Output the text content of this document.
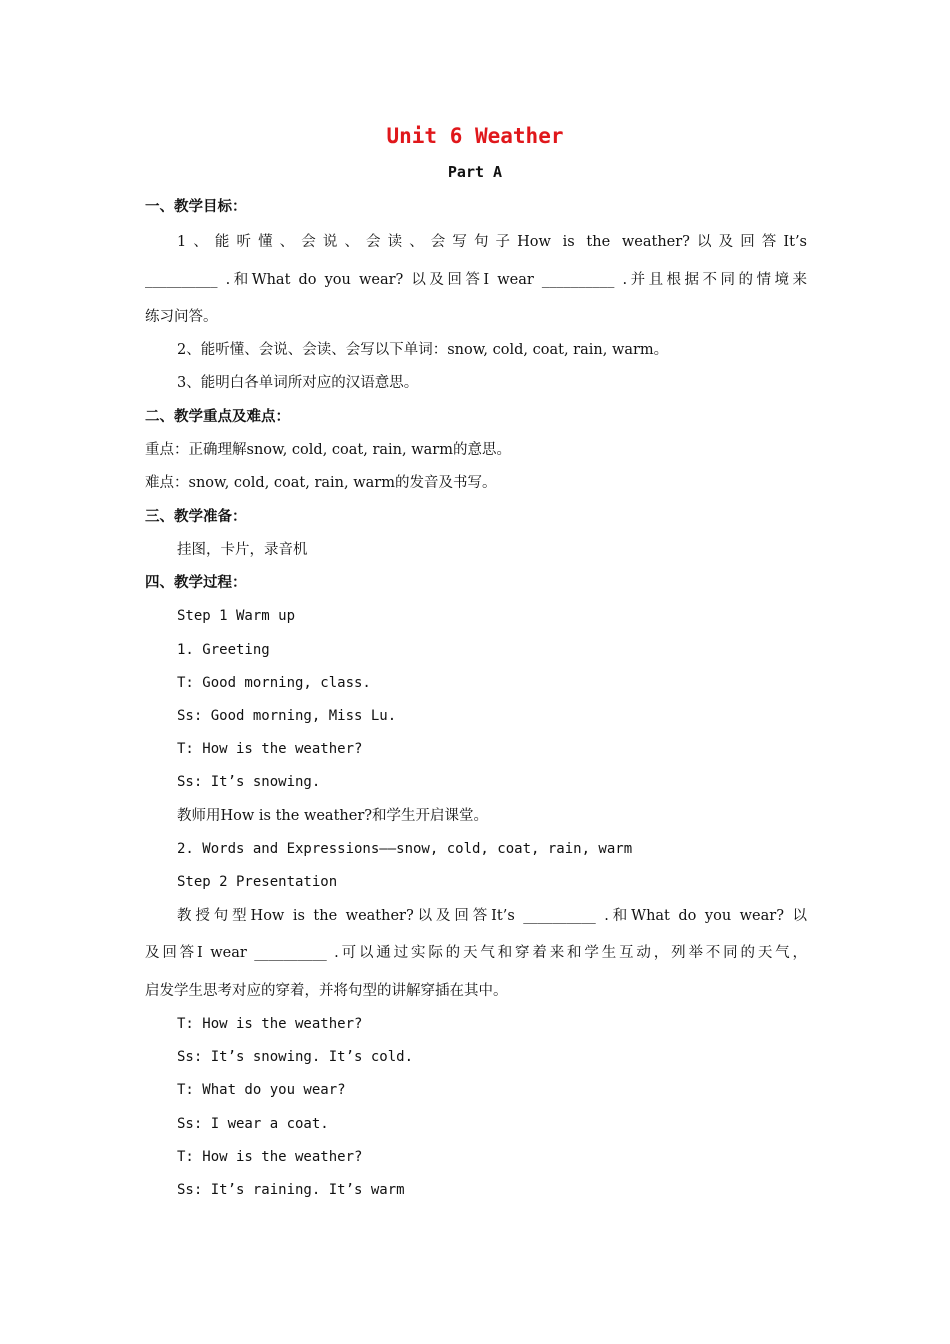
Unit 6 Weather
Part A
一、教学目标：
1、能听懂、会说、会读、会写句子How is the weather?以及回答It’s
__________ .和What do you wear? 以及回答I wear __________ .并且根据不同的情境来
练习问答。
2、能听懂、会说、会读、会写以下单词：snow, cold, coat, rain, warm。
3、能明白各单词所对应的汉语意思。
二、教学重点及难点：
重点：正确理解snow, cold, coat, rain, warm的意思。
难点：snow, cold, coat, rain, warm的发音及书写。
三、教学准备：
挂图，卡片，录音机
四、教学过程：
Step 1 Warm up
1. Greeting
T: Good morning, class.
Ss: Good morning, Miss Lu.
T: How is the weather?
Ss: It’s snowing.
教师用How is the weather?和学生开启课堂。
2. Words and Expressions——snow, cold, coat, rain, warm
Step 2 Presentation
教授句型How is the weather?以及回答It’s __________ .和What do you wear? 以
及回答I wear __________ .可以通过实际的天气和穿着来和学生互动，列举不同的天气，
启发学生思考对应的穿着，并将句型的讲解穿插在其中。
T: How is the weather?
Ss: It’s snowing. It’s cold.
T: What do you wear?
Ss: I wear a coat.
T: How is the weather?
Ss: It’s raining. It’s warm
